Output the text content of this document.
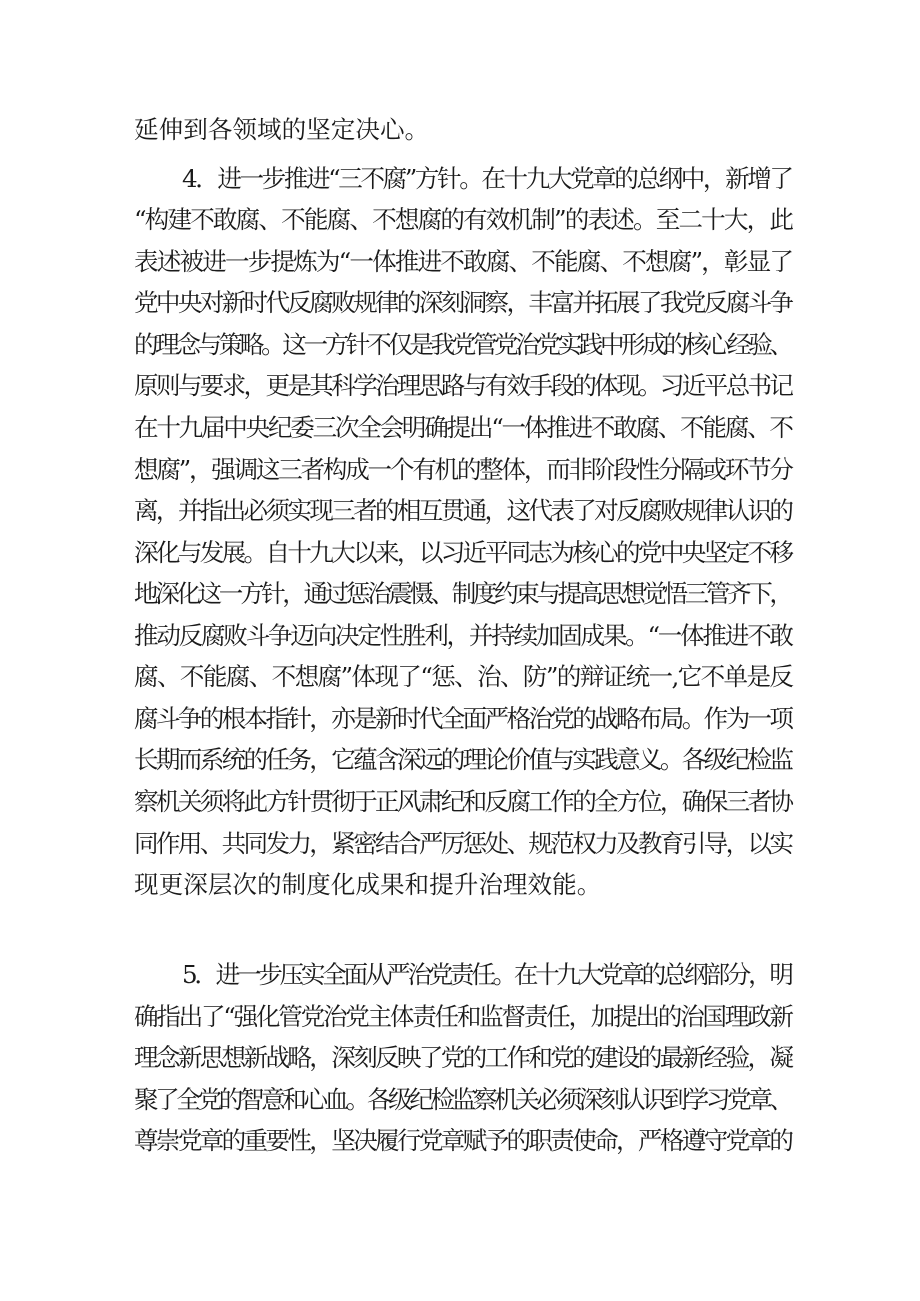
延伸到各领域的坚定决心。
4．进一步推进“三不腐”方针。在十九大党章的总纲中，新增了
“构建不敢腐、不能腐、不想腐的有效机制”的表述。至二十大，此
表述被进一步提炼为“一体推进不敢腐、不能腐、不想腐”，彰显了
党中央对新时代反腐败规律的深刻洞察，丰富并拓展了我党反腐斗争
的理念与策略。这一方针不仅是我党管党治党实践中形成的核心经验、
原则与要求，更是其科学治理思路与有效手段的体现。习近平总书记
在十九届中央纪委三次全会明确提出“一体推进不敢腐、不能腐、不
想腐”，强调这三者构成一个有机的整体，而非阶段性分隔或环节分
离，并指出必须实现三者的相互贯通，这代表了对反腐败规律认识的
深化与发展。自十九大以来，以习近平同志为核心的党中央坚定不移
地深化这一方针，通过惩治震慑、制度约束与提高思想觉悟三管齐下，
推动反腐败斗争迈向决定性胜利，并持续加固成果。“一体推进不敢
腐、不能腐、不想腐”体现了“惩、治、防”的辩证统一,它不单是反
腐斗争的根本指针，亦是新时代全面严格治党的战略布局。作为一项
长期而系统的任务，它蕴含深远的理论价值与实践意义。各级纪检监
察机关须将此方针贯彻于正风肃纪和反腐工作的全方位，确保三者协
同作用、共同发力，紧密结合严厉惩处、规范权力及教育引导，以实
现更深层次的制度化成果和提升治理效能。
5．进一步压实全面从严治党责任。在十九大党章的总纲部分，明
确指出了“强化管党治党主体责任和监督责任，加提出的治国理政新
理念新思想新战略，深刻反映了党的工作和党的建设的最新经验，凝
聚了全党的智意和心血。各级纪检监察机关必须深刻认识到学习党章、
尊崇党章的重要性，坚决履行党章赋予的职责使命，严格遵守党章的
